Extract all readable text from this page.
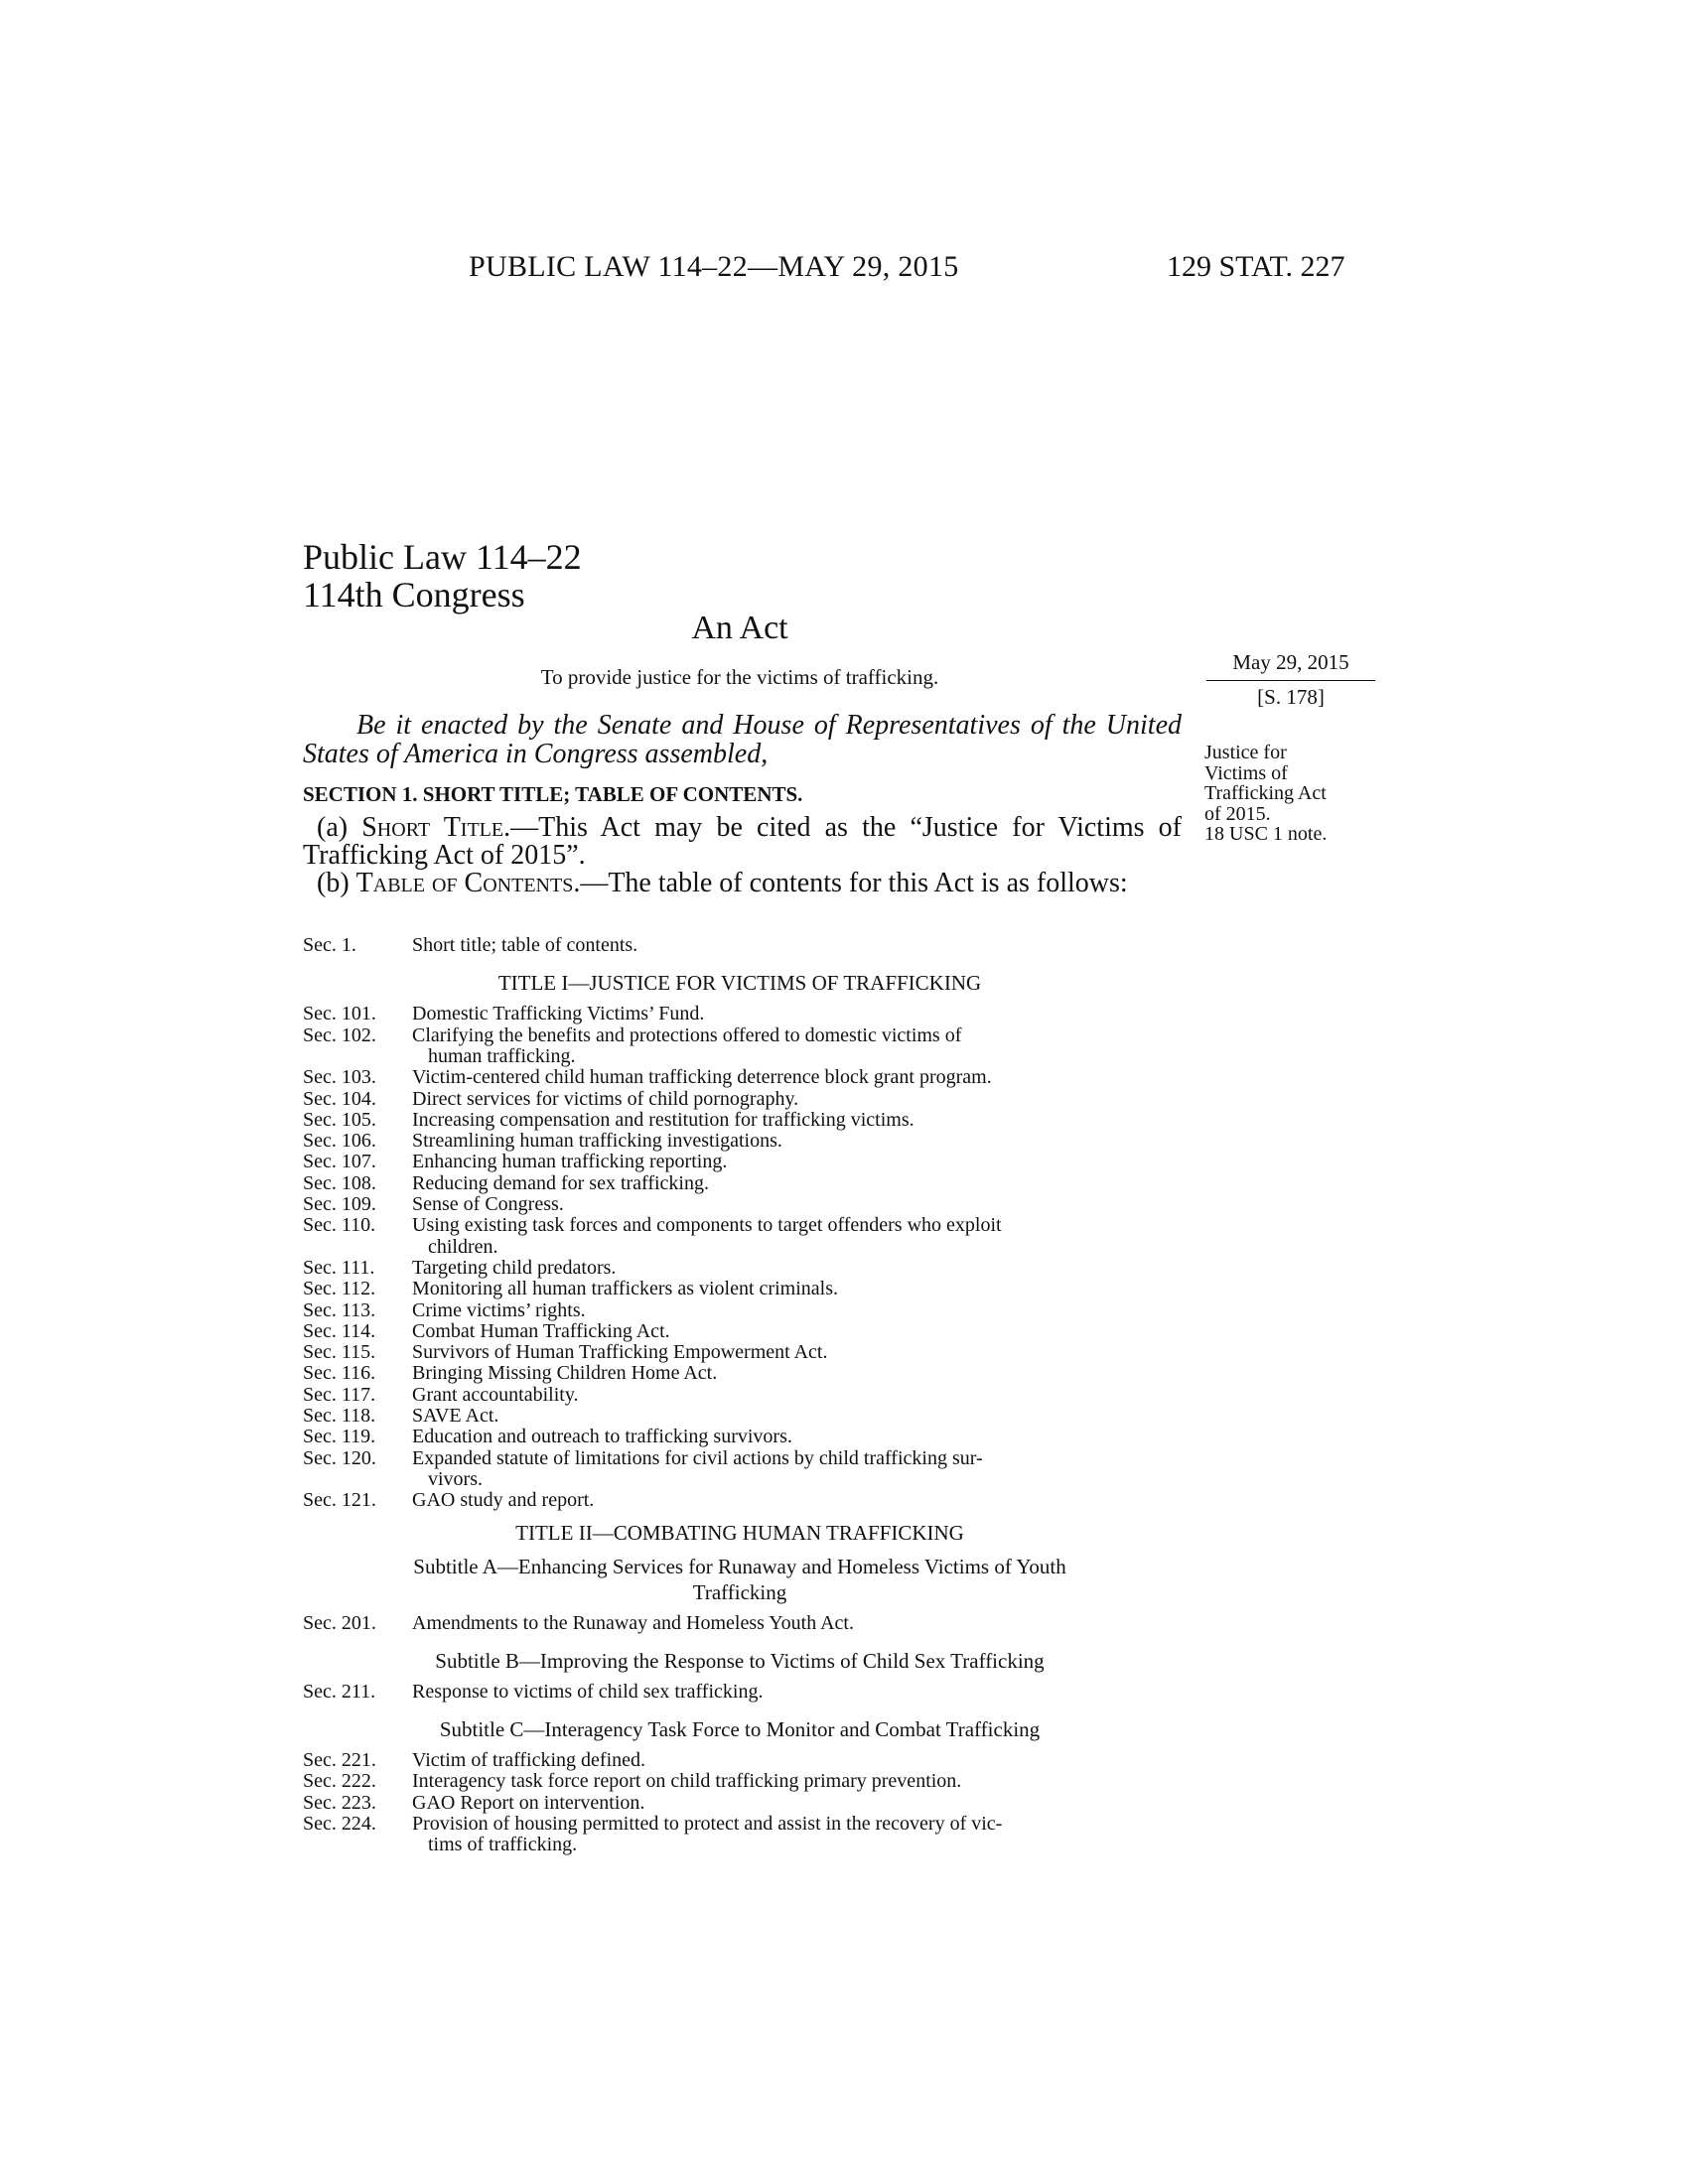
PUBLIC LAW 114–22—MAY 29, 2015	129 STAT. 227
Public Law 114–22
114th Congress
An Act
To provide justice for the victims of trafficking.
May 29, 2015
[S. 178]
Justice for
Victims of
Trafficking Act
of 2015.
18 USC 1 note.
Be it enacted by the Senate and House of Representatives of the United States of America in Congress assembled,
SECTION 1. SHORT TITLE; TABLE OF CONTENTS.
(a) Short Title.—This Act may be cited as the “Justice for Victims of Trafficking Act of 2015”.
(b) Table of Contents.—The table of contents for this Act is as follows:
Sec. 1.	Short title; table of contents.
TITLE I—JUSTICE FOR VICTIMS OF TRAFFICKING
Sec. 101. Domestic Trafficking Victims’ Fund.
Sec. 102. Clarifying the benefits and protections offered to domestic victims of
human trafficking.
Sec. 103. Victim-centered child human trafficking deterrence block grant program.
Sec. 104. Direct services for victims of child pornography.
Sec. 105. Increasing compensation and restitution for trafficking victims.
Sec. 106. Streamlining human trafficking investigations.
Sec. 107. Enhancing human trafficking reporting.
Sec. 108. Reducing demand for sex trafficking.
Sec. 109. Sense of Congress.
Sec. 110. Using existing task forces and components to target offenders who exploit
children.
Sec. 111. Targeting child predators.
Sec. 112. Monitoring all human traffickers as violent criminals.
Sec. 113. Crime victims’ rights.
Sec. 114. Combat Human Trafficking Act.
Sec. 115. Survivors of Human Trafficking Empowerment Act.
Sec. 116. Bringing Missing Children Home Act.
Sec. 117. Grant accountability.
Sec. 118. SAVE Act.
Sec. 119. Education and outreach to trafficking survivors.
Sec. 120. Expanded statute of limitations for civil actions by child trafficking sur-
vivors.
Sec. 121. GAO study and report.
TITLE II—COMBATING HUMAN TRAFFICKING
Subtitle A—Enhancing Services for Runaway and Homeless Victims of Youth
Trafficking
Sec. 201. Amendments to the Runaway and Homeless Youth Act.
Subtitle B—Improving the Response to Victims of Child Sex Trafficking
Sec. 211. Response to victims of child sex trafficking.
Subtitle C—Interagency Task Force to Monitor and Combat Trafficking
Sec. 221. Victim of trafficking defined.
Sec. 222. Interagency task force report on child trafficking primary prevention.
Sec. 223. GAO Report on intervention.
Sec. 224. Provision of housing permitted to protect and assist in the recovery of vic-
tims of trafficking.
